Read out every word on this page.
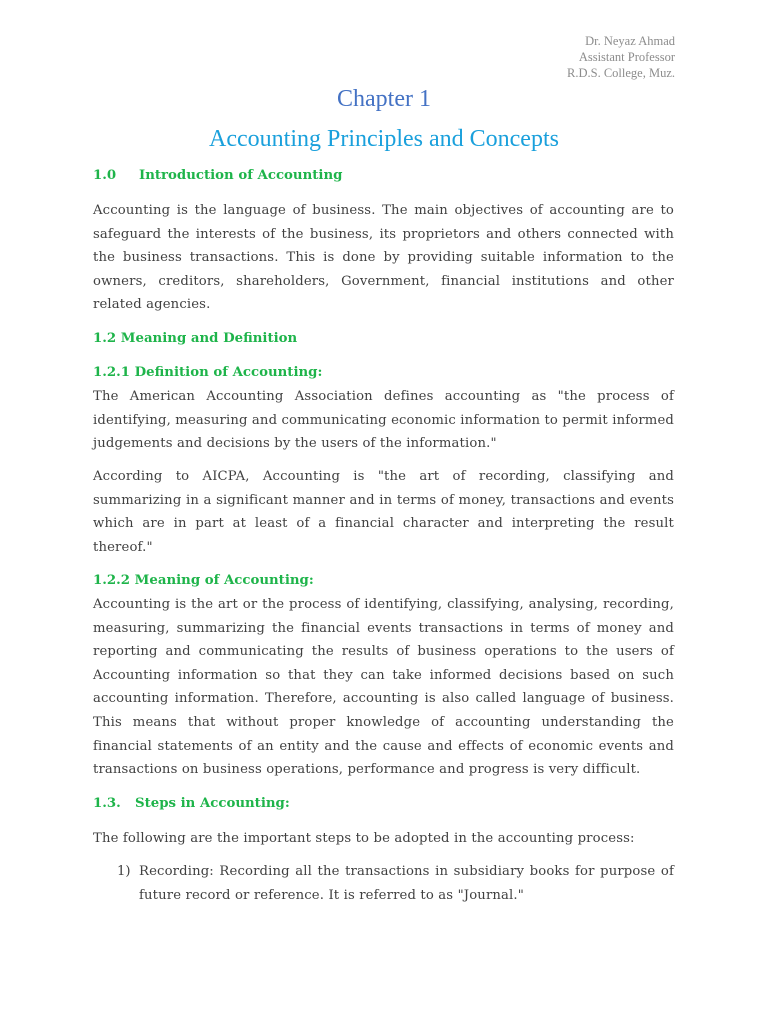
Dr. Neyaz Ahmad
Assistant Professor
R.D.S. College, Muz.
Chapter 1
Accounting Principles and Concepts
1.0 Introduction of Accounting

Accounting is the language of business. The main objectives of accounting are to safeguard the interests of the business, its proprietors and others connected with the business transactions. This is done by providing suitable information to the owners, creditors, shareholders, Government, financial institutions and other related agencies.

1.2 Meaning and Definition
1.2.1 Definition of Accounting:

The American Accounting Association defines accounting as "the process of identifying, measuring and communicating economic information to permit informed judgements and decisions by the users of the information."

According to AICPA, Accounting is "the art of recording, classifying and summarizing in a significant manner and in terms of money, transactions and events which are in part at least of a financial character and interpreting the result thereof."

1.2.2 Meaning of Accounting:

Accounting is the art or the process of identifying, classifying, analysing, recording, measuring, summarizing the financial events transactions in terms of money and reporting and communicating the results of business operations to the users of Accounting information so that they can take informed decisions based on such accounting information. Therefore, accounting is also called language of business. This means that without proper knowledge of accounting understanding the financial statements of an entity and the cause and effects of economic events and transactions on business operations, performance and progress is very difficult.

1.3. Steps in Accounting:

The following are the important steps to be adopted in the accounting process:

1) Recording: Recording all the transactions in subsidiary books for purpose of future record or reference. It is referred to as "Journal."
